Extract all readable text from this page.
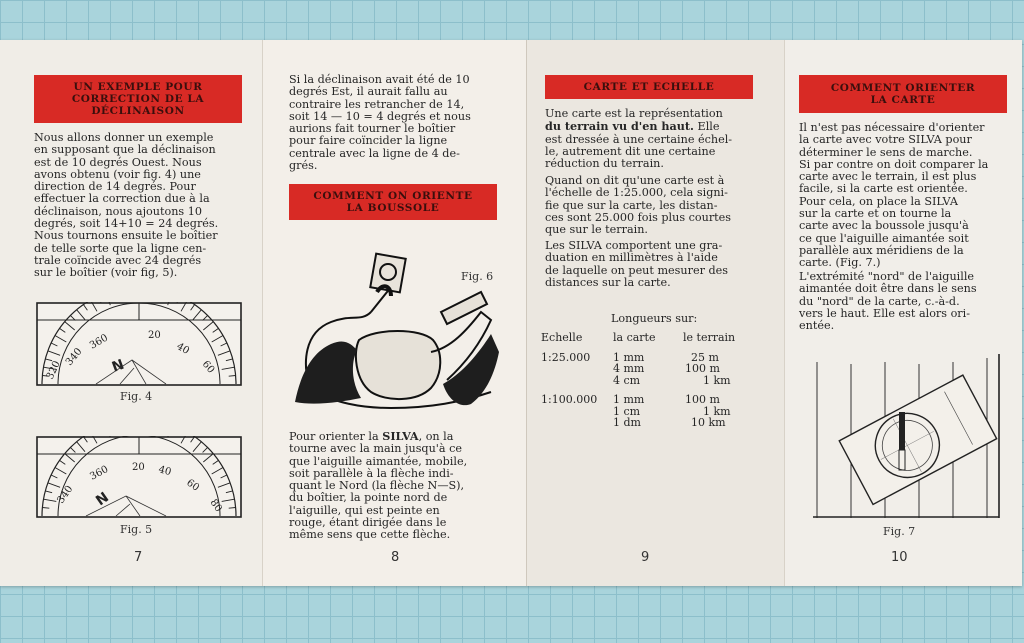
UN EXEMPLE POUR
CORRECTION DE LA
DÉCLINAISON
Nous allons donner un exemple
en supposant que la déclinaison
est de 10 degrés Ouest. Nous
avons obtenu (voir fig. 4) une
direction de 14 degrés. Pour
effectuer la correction due à la
déclinaison, nous ajoutons 10
degrés, soit 14+10 = 24 degrés.
Nous tournons ensuite le boîtier
de telle sorte que la ligne cen-
trale coïncide avec 24 degrés
sur le boîtier (voir fig, 5).
360
340
320
20
40
60
N
Fig. 4
360
340
20 40
60
80
N
Fig. 5
7
Si la déclinaison avait été de 10
degrés Est, il aurait fallu au
contraire les retrancher de 14,
soit 14 — 10 = 4 degrés et nous
aurions fait tourner le boîtier
pour faire coïncider la ligne
centrale avec la ligne de 4 de-
grés.
COMMENT ON ORIENTE
LA BOUSSOLE
Fig. 6
Pour orienter la SILVA, on la
tourne avec la main jusqu'à ce
que l'aiguille aimantée, mobile,
soit parallèle à la flèche indi-
quant le Nord (la flèche N—S),
du boîtier, la pointe nord de
l'aiguille, qui est peinte en
rouge, étant dirigée dans le
même sens que cette flèche.
8
CARTE ET ECHELLE
Une carte est la représentation
du terrain vu d'en haut. Elle
est dressée à une certaine échel-
le, autrement dit une certaine
réduction du terrain.
Quand on dit qu'une carte est à
l'échelle de 1:25.000, cela signi-
fie que sur la carte, les distan-
ces sont 25.000 fois plus courtes
que sur le terrain.
Les SILVA comportent une gra-
duation en millimètres à l'aide
de laquelle on peut mesurer des
distances sur la carte.
Longueurs sur:
Echelle	la carte	le terrain

1:25.000	1 mm	25 m
	4 mm	100 m
	4 cm	1 km

1:100.000	1 mm	100 m
	1 cm	1 km
	1 dm	10 km
9
COMMENT ORIENTER
LA CARTE
Il n'est pas nécessaire d'orienter
la carte avec votre SILVA pour
déterminer le sens de marche.
Si par contre on doit comparer la
carte avec le terrain, il est plus
facile, si la carte est orientée.
Pour cela, on place la SILVA
sur la carte et on tourne la
carte avec la boussole jusqu'à
ce que l'aiguille aimantée soit
parallèle aux méridiens de la
carte. (Fig. 7.)
L'extrémité "nord" de l'aiguille
aimantée doit être dans le sens
du "nord" de la carte, c.-à-d.
vers le haut. Elle est alors ori-
entée.
Fig. 7
10
